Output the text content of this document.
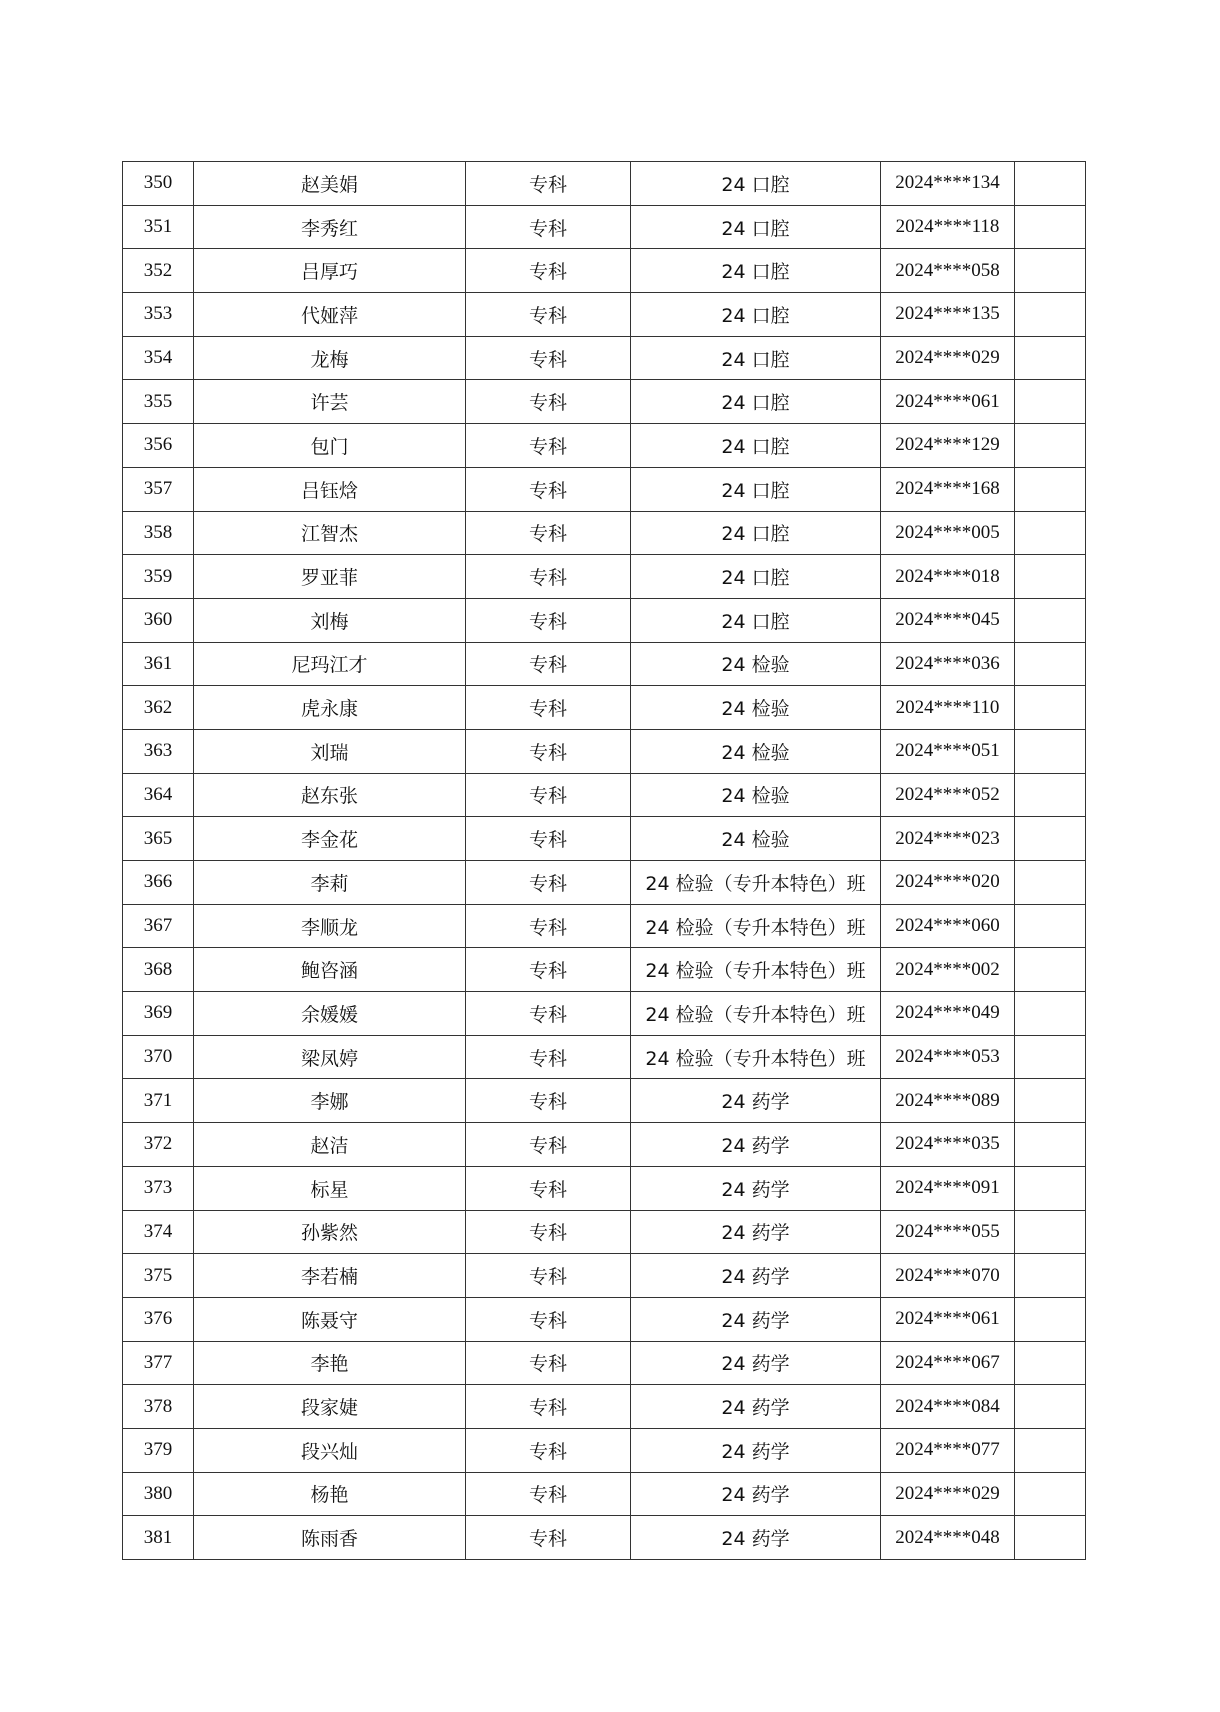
350	赵美娟	专科	24 口腔	2024****134	
351	李秀红	专科	24 口腔	2024****118	
352	吕厚巧	专科	24 口腔	2024****058	
353	代娅萍	专科	24 口腔	2024****135	
354	龙梅	专科	24 口腔	2024****029	
355	许芸	专科	24 口腔	2024****061	
356	包门	专科	24 口腔	2024****129	
357	吕钰焓	专科	24 口腔	2024****168	
358	江智杰	专科	24 口腔	2024****005	
359	罗亚菲	专科	24 口腔	2024****018	
360	刘梅	专科	24 口腔	2024****045	
361	尼玛江才	专科	24 检验	2024****036	
362	虎永康	专科	24 检验	2024****110	
363	刘瑞	专科	24 检验	2024****051	
364	赵东张	专科	24 检验	2024****052	
365	李金花	专科	24 检验	2024****023	
366	李莉	专科	24 检验（专升本特色）班	2024****020	
367	李顺龙	专科	24 检验（专升本特色）班	2024****060	
368	鲍咨涵	专科	24 检验（专升本特色）班	2024****002	
369	余媛媛	专科	24 检验（专升本特色）班	2024****049	
370	梁凤婷	专科	24 检验（专升本特色）班	2024****053	
371	李娜	专科	24 药学	2024****089	
372	赵洁	专科	24 药学	2024****035	
373	标星	专科	24 药学	2024****091	
374	孙紫然	专科	24 药学	2024****055	
375	李若楠	专科	24 药学	2024****070	
376	陈聂守	专科	24 药学	2024****061	
377	李艳	专科	24 药学	2024****067	
378	段家婕	专科	24 药学	2024****084	
379	段兴灿	专科	24 药学	2024****077	
380	杨艳	专科	24 药学	2024****029	
381	陈雨香	专科	24 药学	2024****048	
